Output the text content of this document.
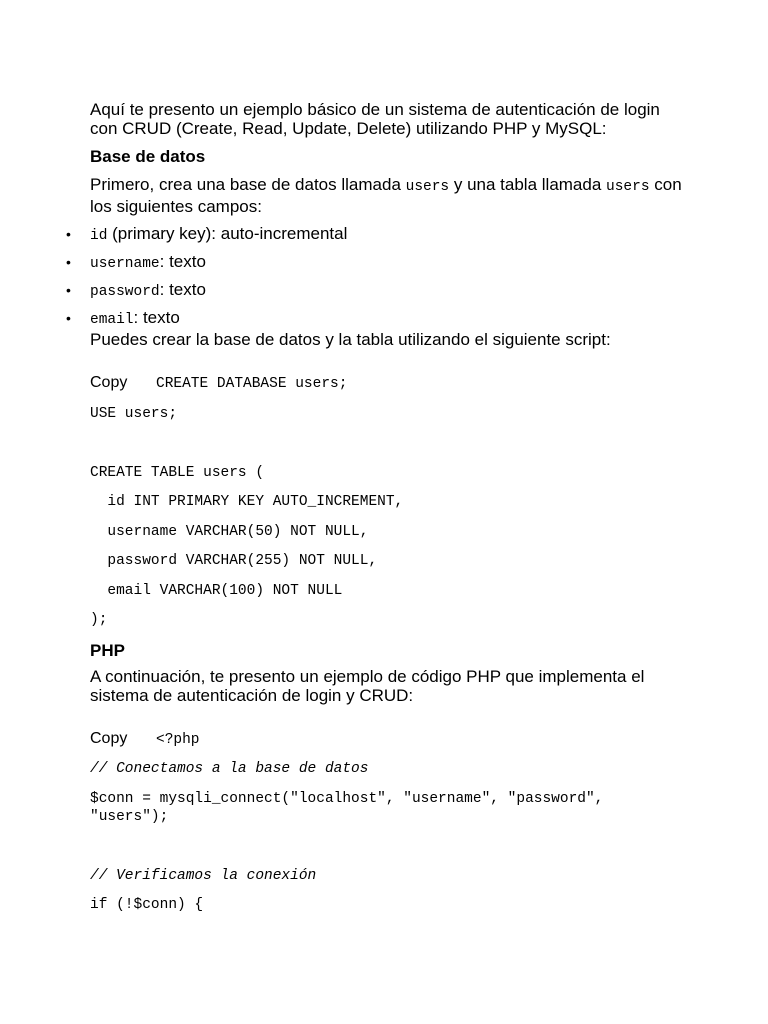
Aquí te presento un ejemplo básico de un sistema de autenticación de login con CRUD (Create, Read, Update, Delete) utilizando PHP y MySQL:

Base de datos

Primero, crea una base de datos llamada users y una tabla llamada users con los siguientes campos:

• id (primary key): auto-incremental
• username: texto
• password: texto
• email: texto

Puedes crear la base de datos y la tabla utilizando el siguiente script:

Copy CREATE DATABASE users;
USE users;
CREATE TABLE users (
id INT PRIMARY KEY AUTO_INCREMENT,
username VARCHAR(50) NOT NULL,
password VARCHAR(255) NOT NULL,
email VARCHAR(100) NOT NULL
);
PHP

A continuación, te presento un ejemplo de código PHP que implementa el sistema de autenticación de login y CRUD:

Copy <?php
// Conectamos a la base de datos
$conn = mysqli_connect("localhost", "username", "password", "users");
// Verificamos la conexión
if (!$conn) {
